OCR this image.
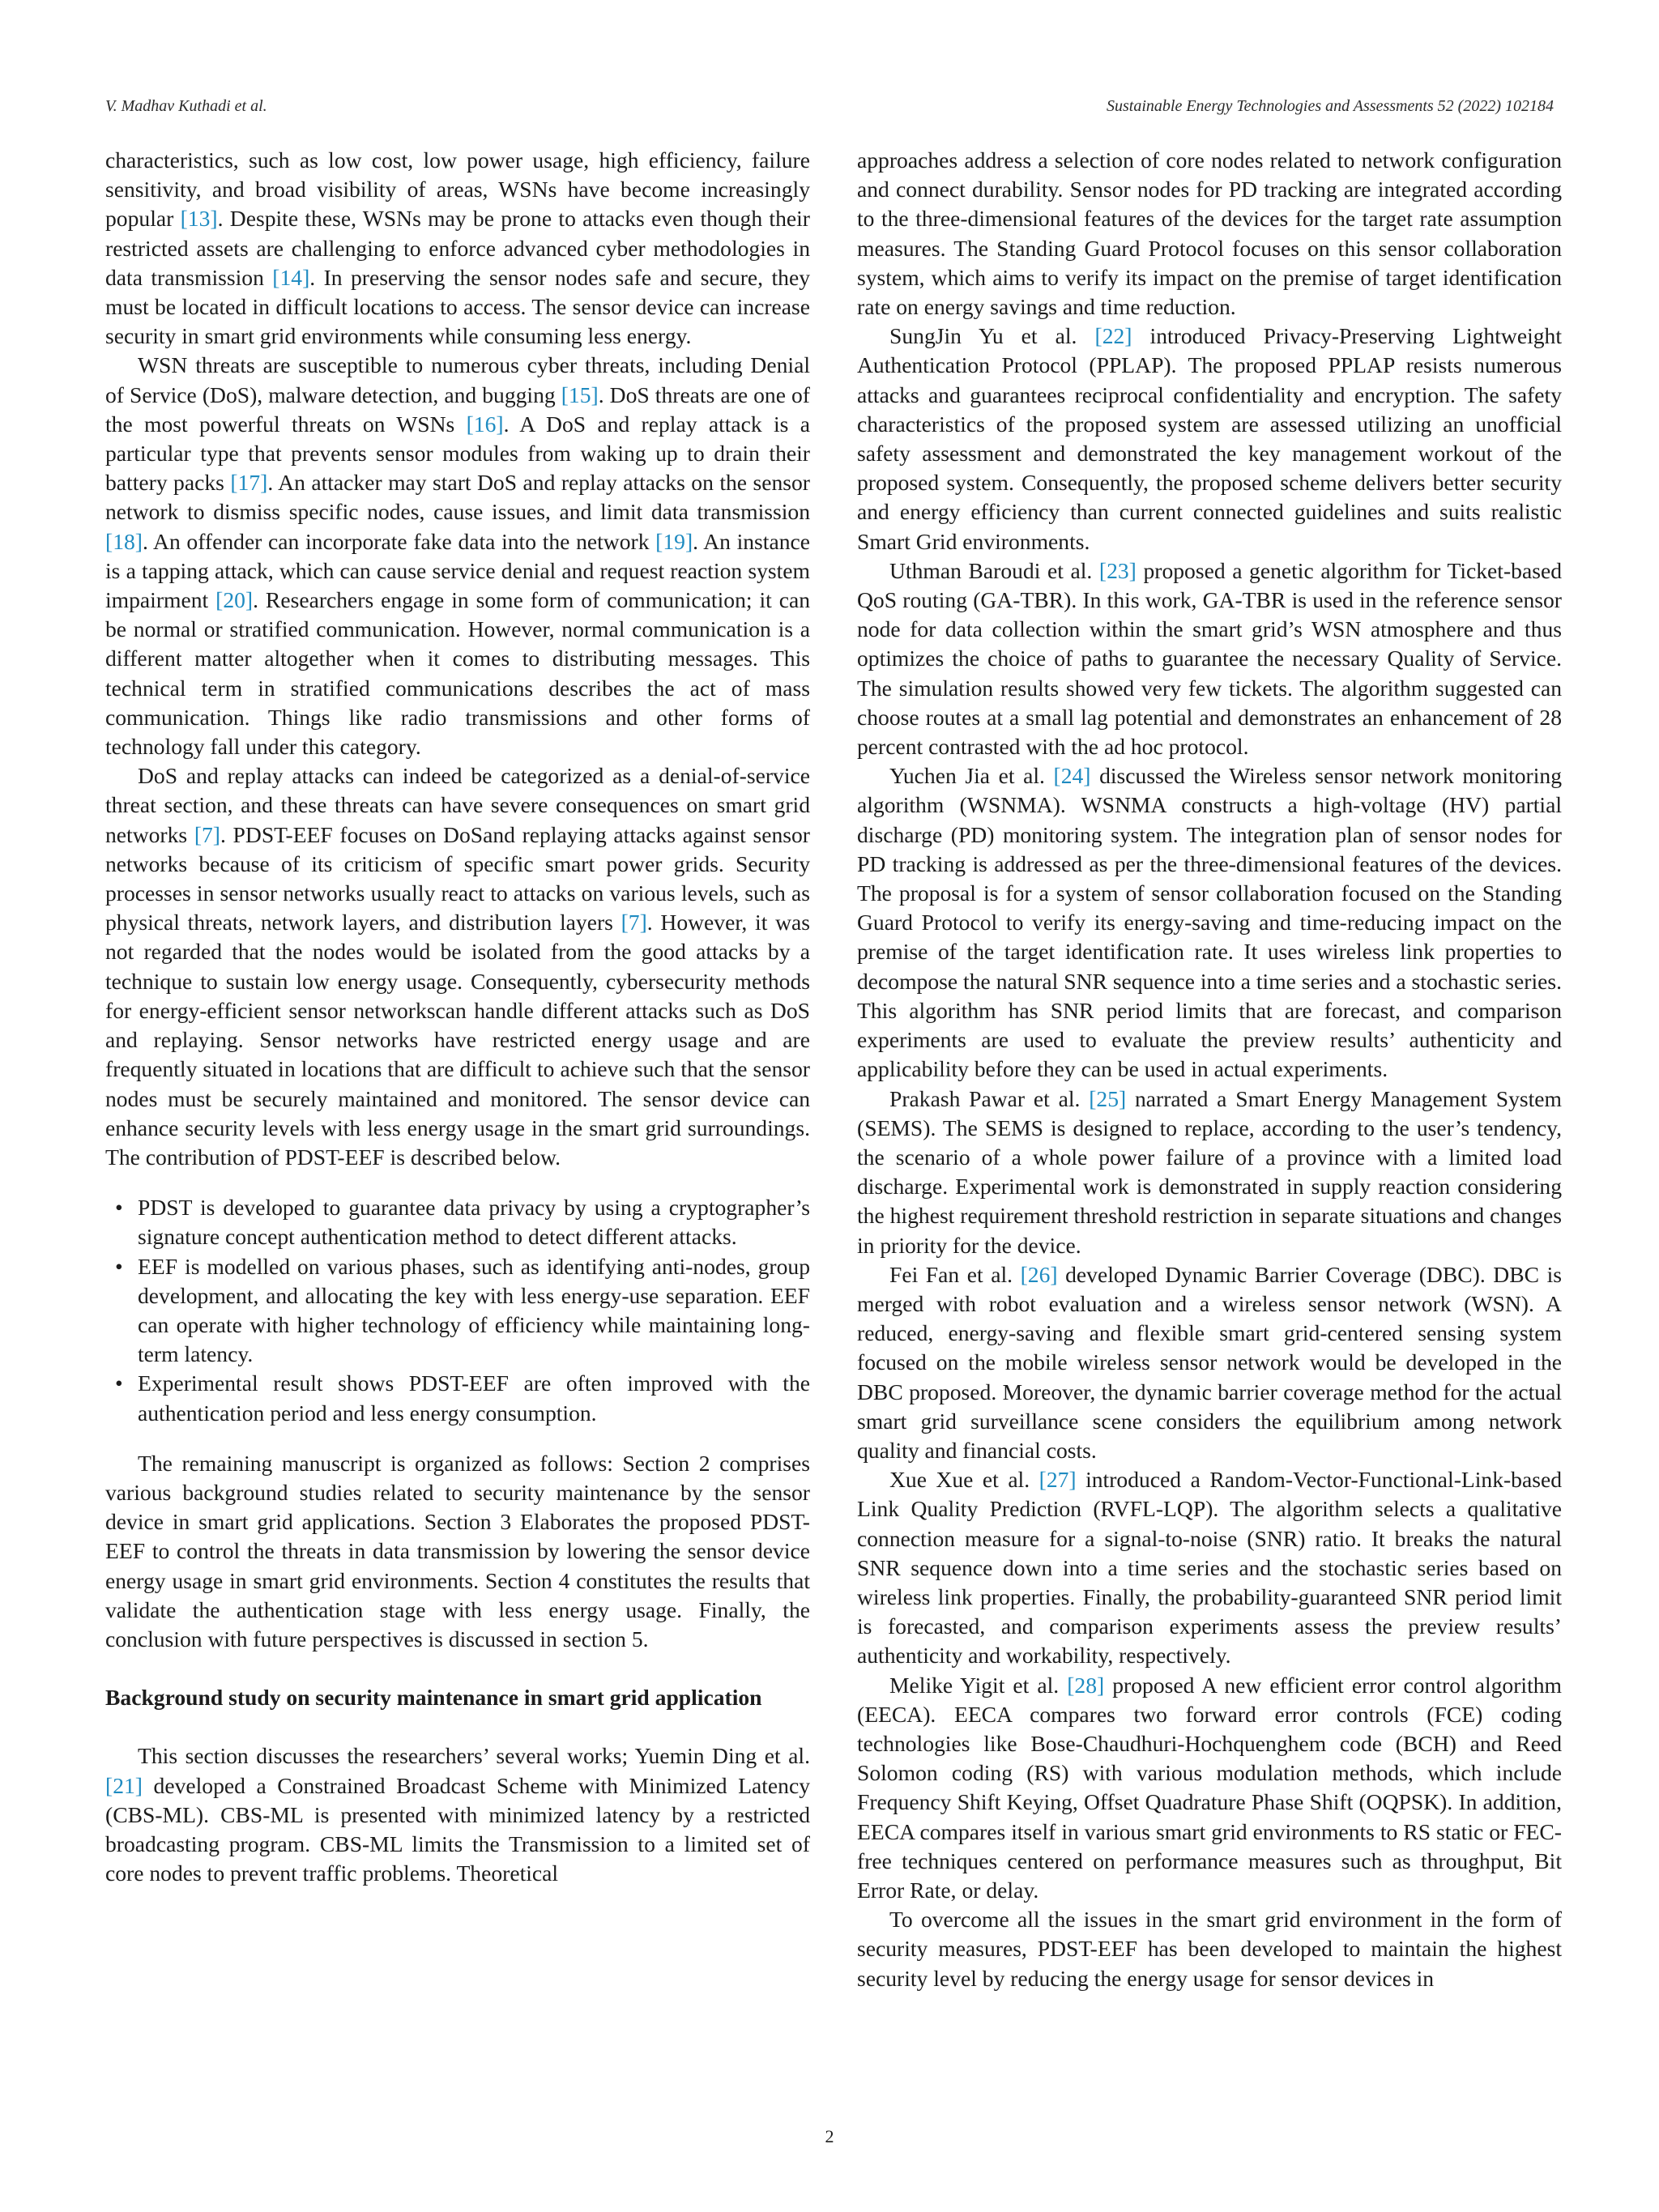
V. Madhav Kuthadi et al.	Sustainable Energy Technologies and Assessments 52 (2022) 102184

characteristics, such as low cost, low power usage, high efficiency, failure sensitivity, and broad visibility of areas, WSNs have become increasingly popular [13]. Despite these, WSNs may be prone to attacks even though their restricted assets are challenging to enforce advanced cyber methodologies in data transmission [14]. In preserving the sensor nodes safe and secure, they must be located in difficult locations to access. The sensor device can increase security in smart grid environments while consuming less energy.

WSN threats are susceptible to numerous cyber threats, including Denial of Service (DoS), malware detection, and bugging [15]. DoS threats are one of the most powerful threats on WSNs [16]. A DoS and replay attack is a particular type that prevents sensor modules from waking up to drain their battery packs [17]. An attacker may start DoS and replay attacks on the sensor network to dismiss specific nodes, cause issues, and limit data transmission [18]. An offender can incorporate fake data into the network [19]. An instance is a tapping attack, which can cause service denial and request reaction system impairment [20]. Researchers engage in some form of communication; it can be normal or stratified communication. However, normal communication is a different matter altogether when it comes to distributing messages. This technical term in stratified communications describes the act of mass communication. Things like radio transmissions and other forms of technology fall under this category.

DoS and replay attacks can indeed be categorized as a denial-of-service threat section, and these threats can have severe consequences on smart grid networks [7]. PDST-EEF focuses on DoSand replaying attacks against sensor networks because of its criticism of specific smart power grids. Security processes in sensor networks usually react to attacks on various levels, such as physical threats, network layers, and distribution layers [7]. However, it was not regarded that the nodes would be isolated from the good attacks by a technique to sustain low energy usage. Consequently, cybersecurity methods for energy-efficient sensor networkscan handle different attacks such as DoS and replaying. Sensor networks have restricted energy usage and are frequently situated in locations that are difficult to achieve such that the sensor nodes must be securely maintained and monitored. The sensor device can enhance security levels with less energy usage in the smart grid surroundings. The contribution of PDST-EEF is described below.

• PDST is developed to guarantee data privacy by using a cryptographer’s signature concept authentication method to detect different attacks.
• EEF is modelled on various phases, such as identifying anti-nodes, group development, and allocating the key with less energy-use separation. EEF can operate with higher technology of efficiency while maintaining long-term latency.
• Experimental result shows PDST-EEF are often improved with the authentication period and less energy consumption.

The remaining manuscript is organized as follows: Section 2 comprises various background studies related to security maintenance by the sensor device in smart grid applications. Section 3 Elaborates the proposed PDST-EEF to control the threats in data transmission by lowering the sensor device energy usage in smart grid environments. Section 4 constitutes the results that validate the authentication stage with less energy usage. Finally, the conclusion with future perspectives is discussed in section 5.

Background study on security maintenance in smart grid application

This section discusses the researchers’ several works; Yuemin Ding et al. [21] developed a Constrained Broadcast Scheme with Minimized Latency (CBS-ML). CBS-ML is presented with minimized latency by a restricted broadcasting program. CBS-ML limits the Transmission to a limited set of core nodes to prevent traffic problems. Theoretical

approaches address a selection of core nodes related to network configuration and connect durability. Sensor nodes for PD tracking are integrated according to the three-dimensional features of the devices for the target rate assumption measures. The Standing Guard Protocol focuses on this sensor collaboration system, which aims to verify its impact on the premise of target identification rate on energy savings and time reduction.

SungJin Yu et al. [22] introduced Privacy-Preserving Lightweight Authentication Protocol (PPLAP). The proposed PPLAP resists numerous attacks and guarantees reciprocal confidentiality and encryption. The safety characteristics of the proposed system are assessed utilizing an unofficial safety assessment and demonstrated the key management workout of the proposed system. Consequently, the proposed scheme delivers better security and energy efficiency than current connected guidelines and suits realistic Smart Grid environments.

Uthman Baroudi et al. [23] proposed a genetic algorithm for Ticket-based QoS routing (GA-TBR). In this work, GA-TBR is used in the reference sensor node for data collection within the smart grid’s WSN atmosphere and thus optimizes the choice of paths to guarantee the necessary Quality of Service. The simulation results showed very few tickets. The algorithm suggested can choose routes at a small lag potential and demonstrates an enhancement of 28 percent contrasted with the ad hoc protocol.

Yuchen Jia et al. [24] discussed the Wireless sensor network monitoring algorithm (WSNMA). WSNMA constructs a high-voltage (HV) partial discharge (PD) monitoring system. The integration plan of sensor nodes for PD tracking is addressed as per the three-dimensional features of the devices. The proposal is for a system of sensor collaboration focused on the Standing Guard Protocol to verify its energy-saving and time-reducing impact on the premise of the target identification rate. It uses wireless link properties to decompose the natural SNR sequence into a time series and a stochastic series. This algorithm has SNR period limits that are forecast, and comparison experiments are used to evaluate the preview results’ authenticity and applicability before they can be used in actual experiments.

Prakash Pawar et al. [25] narrated a Smart Energy Management System (SEMS). The SEMS is designed to replace, according to the user’s tendency, the scenario of a whole power failure of a province with a limited load discharge. Experimental work is demonstrated in supply reaction considering the highest requirement threshold restriction in separate situations and changes in priority for the device.

Fei Fan et al. [26] developed Dynamic Barrier Coverage (DBC). DBC is merged with robot evaluation and a wireless sensor network (WSN). A reduced, energy-saving and flexible smart grid-centered sensing system focused on the mobile wireless sensor network would be developed in the DBC proposed. Moreover, the dynamic barrier coverage method for the actual smart grid surveillance scene considers the equilibrium among network quality and financial costs.

Xue Xue et al. [27] introduced a Random-Vector-Functional-Link-based Link Quality Prediction (RVFL-LQP). The algorithm selects a qualitative connection measure for a signal-to-noise (SNR) ratio. It breaks the natural SNR sequence down into a time series and the stochastic series based on wireless link properties. Finally, the probability-guaranteed SNR period limit is forecasted, and comparison experiments assess the preview results’ authenticity and workability, respectively.

Melike Yigit et al. [28] proposed A new efficient error control algorithm (EECA). EECA compares two forward error controls (FCE) coding technologies like Bose-Chaudhuri-Hochquenghem code (BCH) and Reed Solomon coding (RS) with various modulation methods, which include Frequency Shift Keying, Offset Quadrature Phase Shift (OQPSK). In addition, EECA compares itself in various smart grid environments to RS static or FEC-free techniques centered on performance measures such as throughput, Bit Error Rate, or delay.

To overcome all the issues in the smart grid environment in the form of security measures, PDST-EEF has been developed to maintain the highest security level by reducing the energy usage for sensor devices in

2
